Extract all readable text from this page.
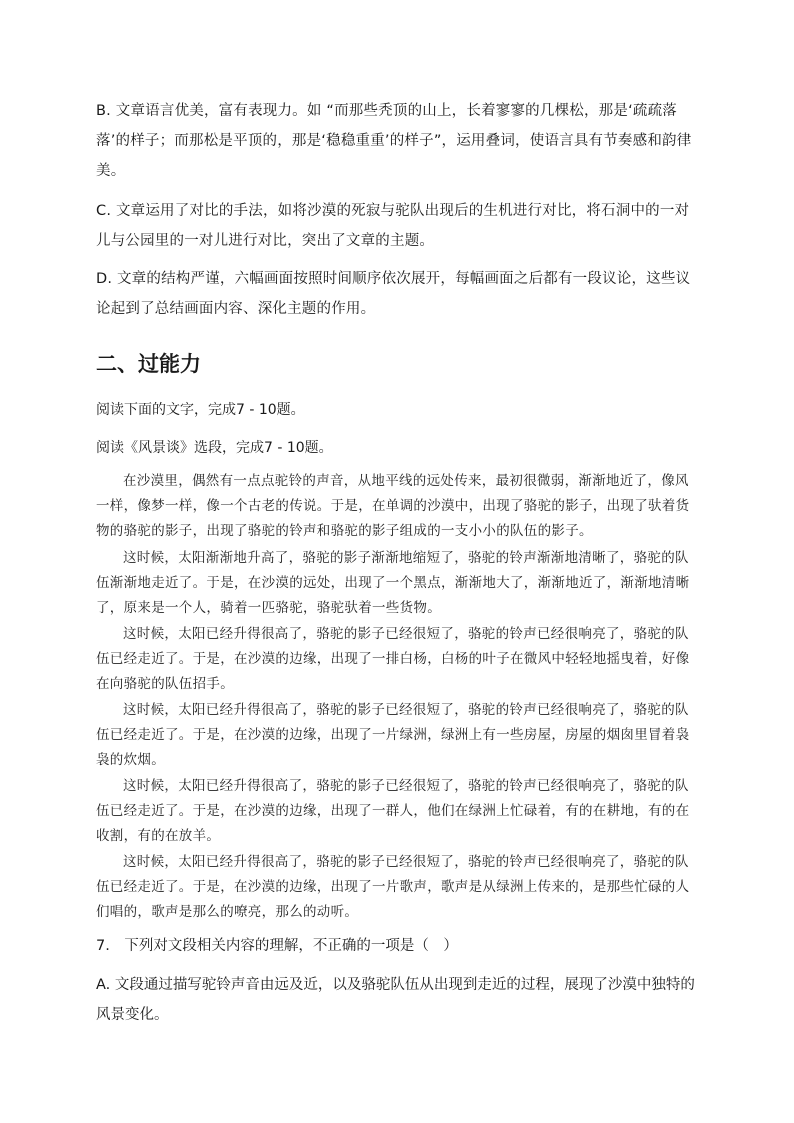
B. 文章语言优美，富有表现力。如 “而那些秃顶的山上，长着寥寥的几棵松，那是‘疏疏落落’的样子；而那松是平顶的，那是‘稳稳重重’的样子”，运用叠词，使语言具有节奏感和韵律美。
C. 文章运用了对比的手法，如将沙漠的死寂与驼队出现后的生机进行对比，将石洞中的一对儿与公园里的一对儿进行对比，突出了文章的主题。
D. 文章的结构严谨，六幅画面按照时间顺序依次展开，每幅画面之后都有一段议论，这些议论起到了总结画面内容、深化主题的作用。
二、过能力
阅读下面的文字，完成7 - 10题。
阅读《风景谈》选段，完成7 - 10题。
在沙漠里，偶然有一点点驼铃的声音，从地平线的远处传来，最初很微弱，渐渐地近了，像风一样，像梦一样，像一个古老的传说。于是，在单调的沙漠中，出现了骆驼的影子，出现了驮着货物的骆驼的影子，出现了骆驼的铃声和骆驼的影子组成的一支小小的队伍的影子。
这时候，太阳渐渐地升高了，骆驼的影子渐渐地缩短了，骆驼的铃声渐渐地清晰了，骆驼的队伍渐渐地走近了。于是，在沙漠的远处，出现了一个黑点，渐渐地大了，渐渐地近了，渐渐地清晰了，原来是一个人，骑着一匹骆驼，骆驼驮着一些货物。
这时候，太阳已经升得很高了，骆驼的影子已经很短了，骆驼的铃声已经很响亮了，骆驼的队伍已经走近了。于是，在沙漠的边缘，出现了一排白杨，白杨的叶子在微风中轻轻地摇曳着，好像在向骆驼的队伍招手。
这时候，太阳已经升得很高了，骆驼的影子已经很短了，骆驼的铃声已经很响亮了，骆驼的队伍已经走近了。于是，在沙漠的边缘，出现了一片绿洲，绿洲上有一些房屋，房屋的烟囱里冒着袅袅的炊烟。
这时候，太阳已经升得很高了，骆驼的影子已经很短了，骆驼的铃声已经很响亮了，骆驼的队伍已经走近了。于是，在沙漠的边缘，出现了一群人，他们在绿洲上忙碌着，有的在耕地，有的在收割，有的在放羊。
这时候，太阳已经升得很高了，骆驼的影子已经很短了，骆驼的铃声已经很响亮了，骆驼的队伍已经走近了。于是，在沙漠的边缘，出现了一片歌声，歌声是从绿洲上传来的，是那些忙碌的人们唱的，歌声是那么的嘹亮，那么的动听。
7.　下列对文段相关内容的理解，不正确的一项是（　）
A. 文段通过描写驼铃声音由远及近，以及骆驼队伍从出现到走近的过程，展现了沙漠中独特的风景变化。
